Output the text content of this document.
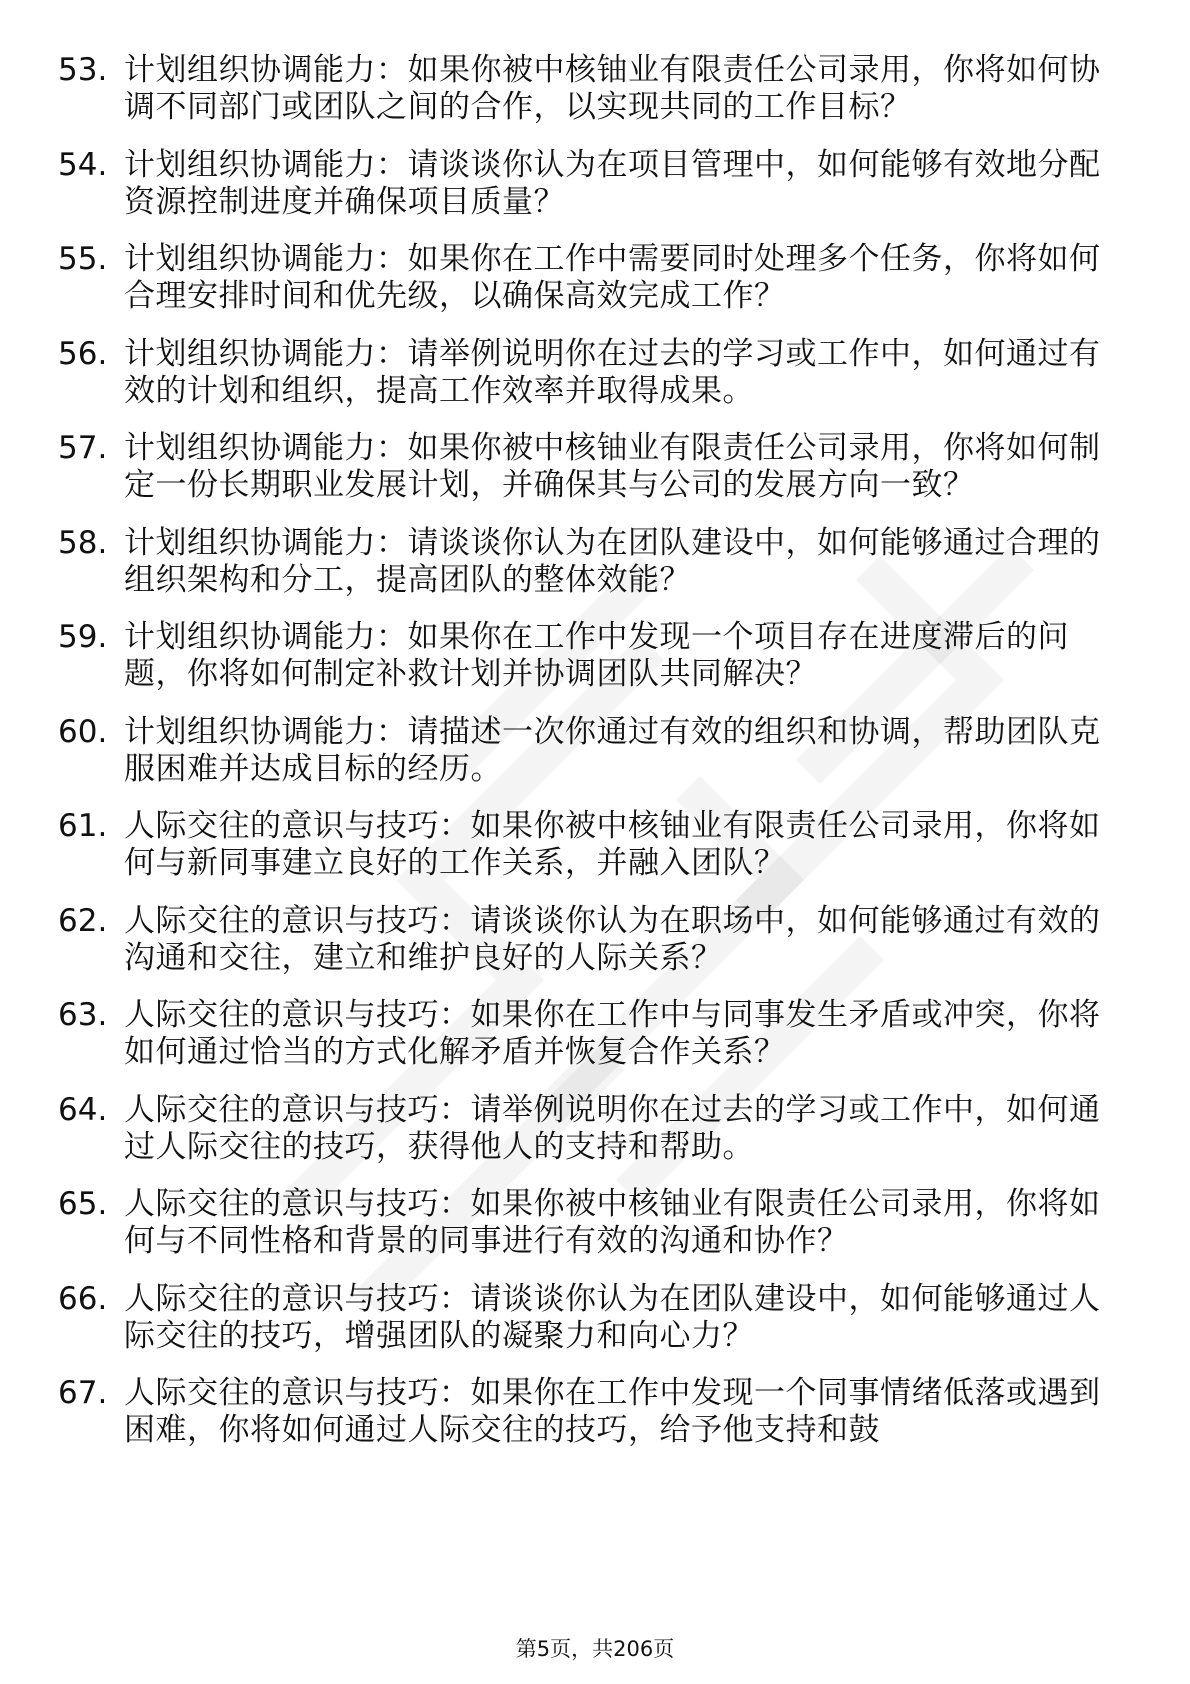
53. 计划组织协调能力：如果你被中核铀业有限责任公司录用，你将如何协调不同部门或团队之间的合作，以实现共同的工作目标？
54. 计划组织协调能力：请谈谈你认为在项目管理中，如何能够有效地分配资源控制进度并确保项目质量？
55. 计划组织协调能力：如果你在工作中需要同时处理多个任务，你将如何合理安排时间和优先级，以确保高效完成工作？
56. 计划组织协调能力：请举例说明你在过去的学习或工作中，如何通过有效的计划和组织，提高工作效率并取得成果。
57. 计划组织协调能力：如果你被中核铀业有限责任公司录用，你将如何制定一份长期职业发展计划，并确保其与公司的发展方向一致？
58. 计划组织协调能力：请谈谈你认为在团队建设中，如何能够通过合理的组织架构和分工，提高团队的整体效能？
59. 计划组织协调能力：如果你在工作中发现一个项目存在进度滞后的问题，你将如何制定补救计划并协调团队共同解决？
60. 计划组织协调能力：请描述一次你通过有效的组织和协调，帮助团队克服困难并达成目标的经历。
61. 人际交往的意识与技巧：如果你被中核铀业有限责任公司录用，你将如何与新同事建立良好的工作关系，并融入团队？
62. 人际交往的意识与技巧：请谈谈你认为在职场中，如何能够通过有效的沟通和交往，建立和维护良好的人际关系？
63. 人际交往的意识与技巧：如果你在工作中与同事发生矛盾或冲突，你将如何通过恰当的方式化解矛盾并恢复合作关系？
64. 人际交往的意识与技巧：请举例说明你在过去的学习或工作中，如何通过人际交往的技巧，获得他人的支持和帮助。
65. 人际交往的意识与技巧：如果你被中核铀业有限责任公司录用，你将如何与不同性格和背景的同事进行有效的沟通和协作？
66. 人际交往的意识与技巧：请谈谈你认为在团队建设中，如何能够通过人际交往的技巧，增强团队的凝聚力和向心力？
67. 人际交往的意识与技巧：如果你在工作中发现一个同事情绪低落或遇到困难，你将如何通过人际交往的技巧，给予他支持和鼓
第5页，共206页
